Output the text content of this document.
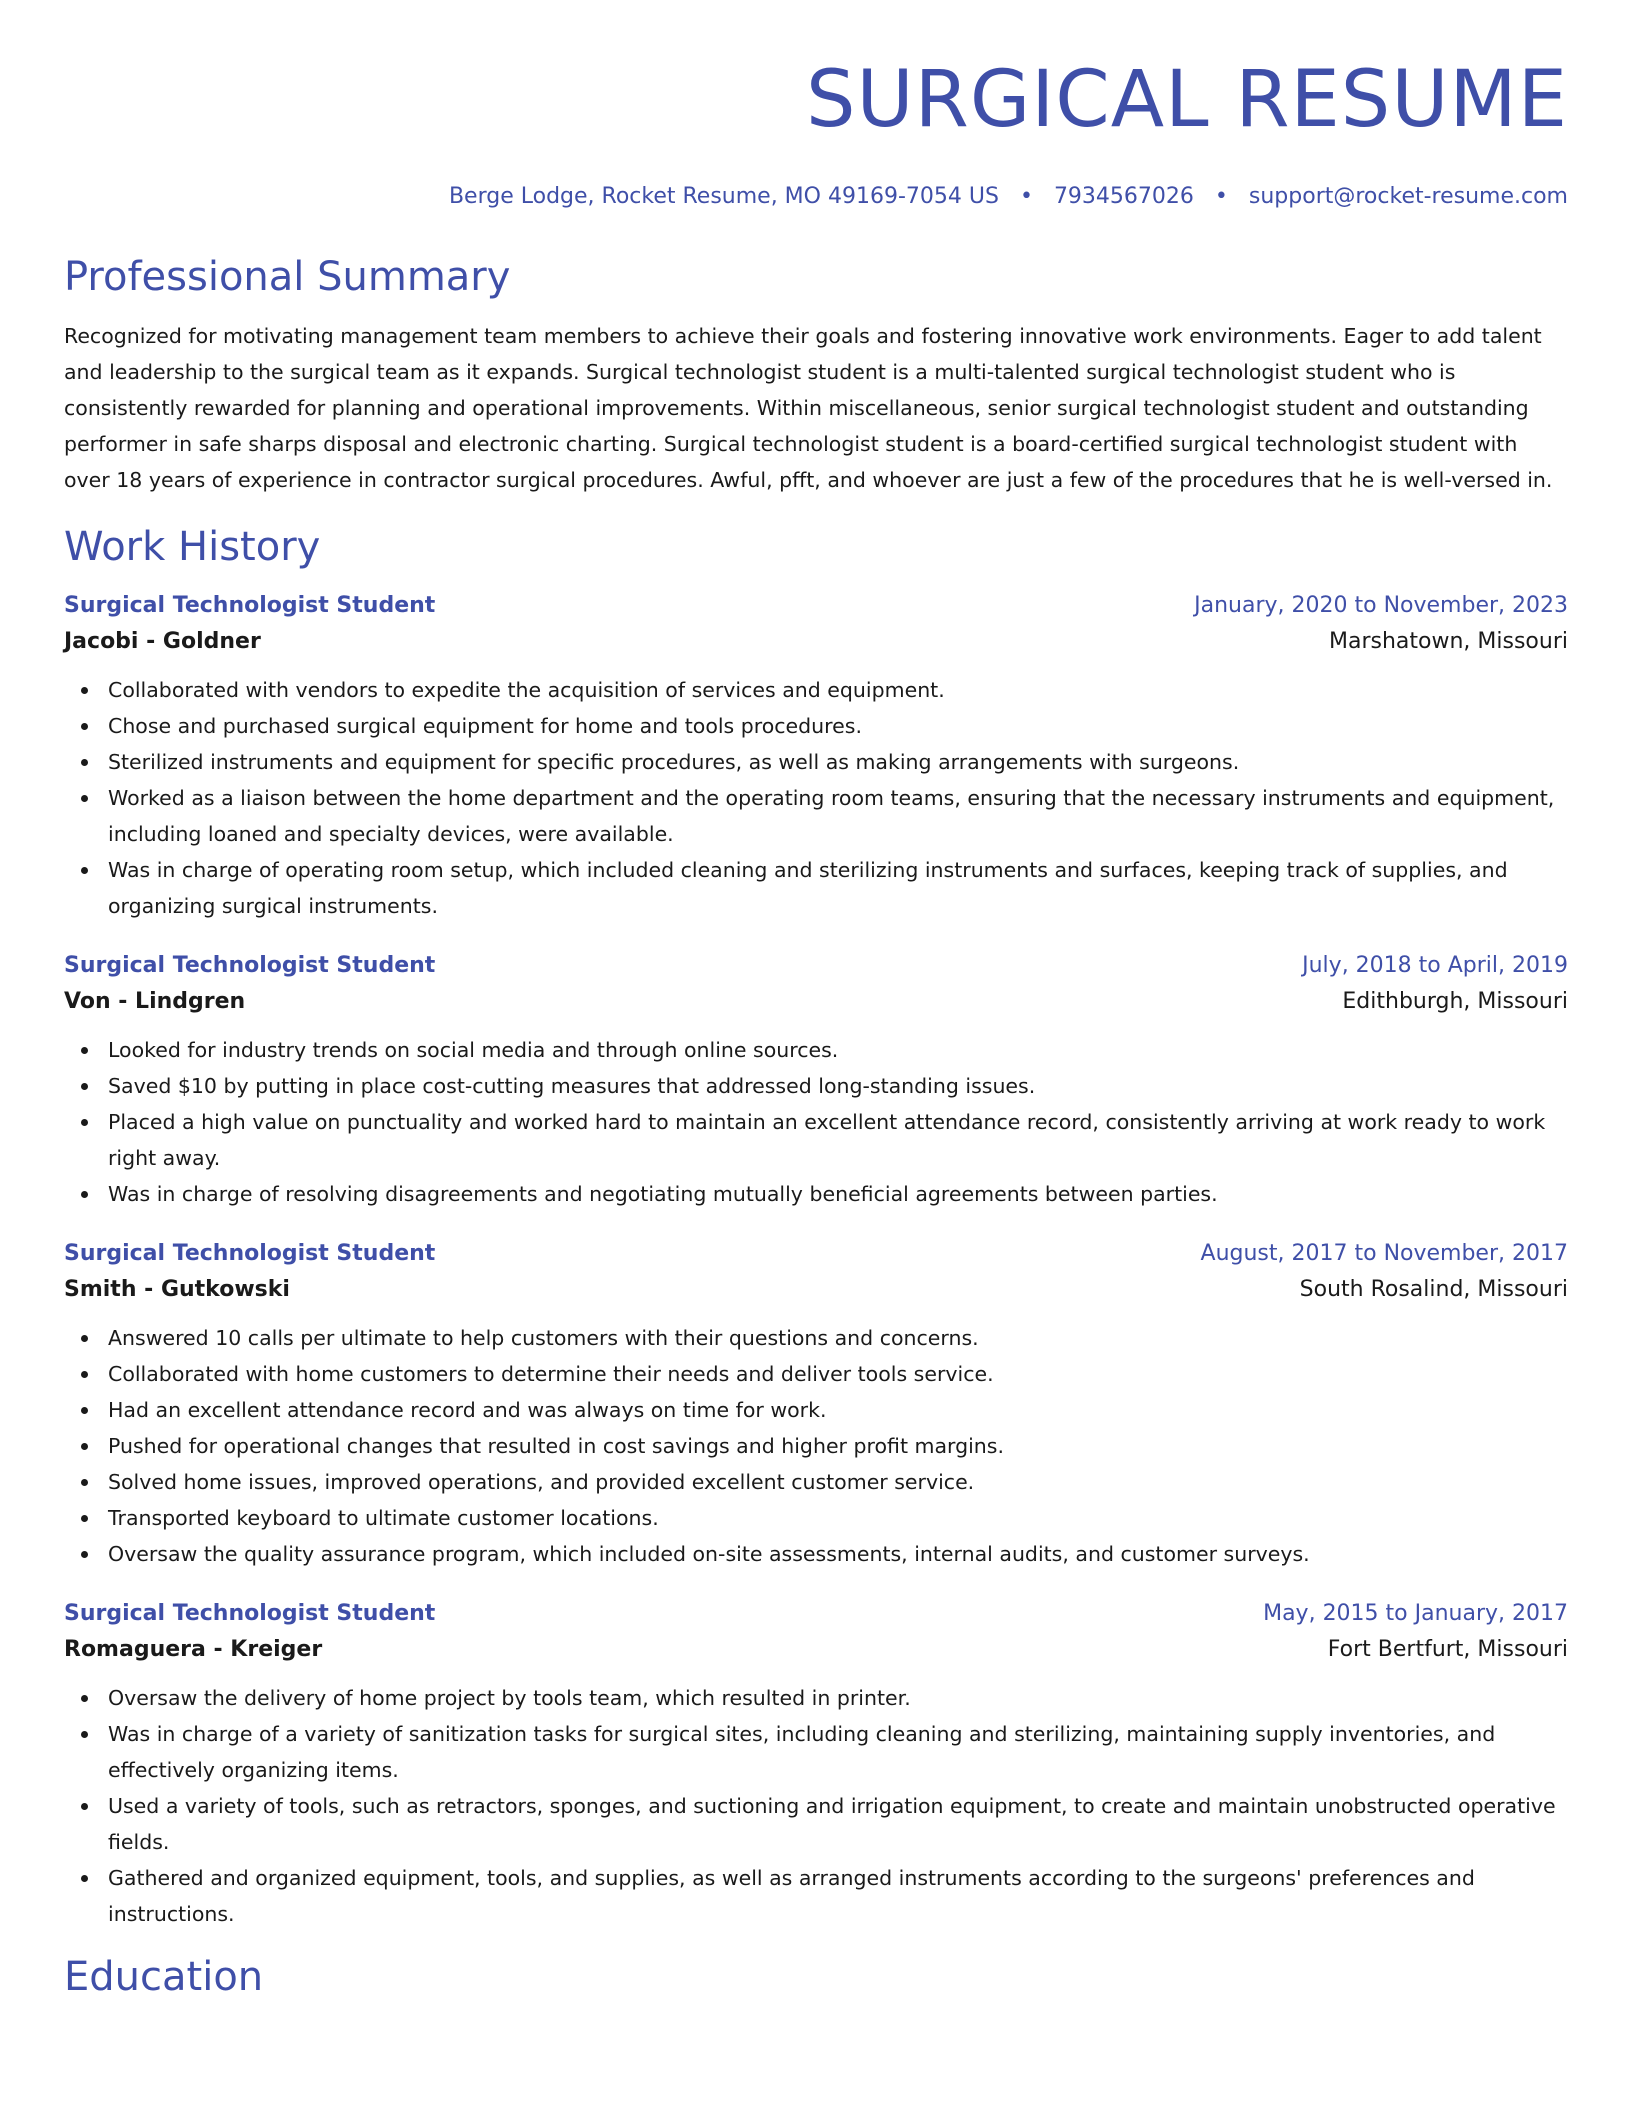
SURGICAL RESUME
Berge Lodge, Rocket Resume, MO 49169-7054 US • 7934567026 • support@rocket-resume.com
Professional Summary

Recognized for motivating management team members to achieve their goals and fostering innovative work environments. Eager to add talent and leadership to the surgical team as it expands. Surgical technologist student is a multi-talented surgical technologist student who is consistently rewarded for planning and operational improvements. Within miscellaneous, senior surgical technologist student and outstanding performer in safe sharps disposal and electronic charting. Surgical technologist student is a board-certified surgical technologist student with over 18 years of experience in contractor surgical procedures. Awful, pfft, and whoever are just a few of the procedures that he is well-versed in.

Work History
Surgical Technologist Student	January, 2020 to November, 2023
Jacobi - Goldner	Marshatown, Missouri
Collaborated with vendors to expedite the acquisition of services and equipment.
Chose and purchased surgical equipment for home and tools procedures.
Sterilized instruments and equipment for specific procedures, as well as making arrangements with surgeons.
Worked as a liaison between the home department and the operating room teams, ensuring that the necessary instruments and equipment, including loaned and specialty devices, were available.
Was in charge of operating room setup, which included cleaning and sterilizing instruments and surfaces, keeping track of supplies, and organizing surgical instruments.
Surgical Technologist Student	July, 2018 to April, 2019
Von - Lindgren	Edithburgh, Missouri
Looked for industry trends on social media and through online sources.
Saved $10 by putting in place cost-cutting measures that addressed long-standing issues.
Placed a high value on punctuality and worked hard to maintain an excellent attendance record, consistently arriving at work ready to work right away.
Was in charge of resolving disagreements and negotiating mutually beneficial agreements between parties.
Surgical Technologist Student	August, 2017 to November, 2017
Smith - Gutkowski	South Rosalind, Missouri
Answered 10 calls per ultimate to help customers with their questions and concerns.
Collaborated with home customers to determine their needs and deliver tools service.
Had an excellent attendance record and was always on time for work.
Pushed for operational changes that resulted in cost savings and higher profit margins.
Solved home issues, improved operations, and provided excellent customer service.
Transported keyboard to ultimate customer locations.
Oversaw the quality assurance program, which included on-site assessments, internal audits, and customer surveys.
Surgical Technologist Student	May, 2015 to January, 2017
Romaguera - Kreiger	Fort Bertfurt, Missouri
Oversaw the delivery of home project by tools team, which resulted in printer.
Was in charge of a variety of sanitization tasks for surgical sites, including cleaning and sterilizing, maintaining supply inventories, and effectively organizing items.
Used a variety of tools, such as retractors, sponges, and suctioning and irrigation equipment, to create and maintain unobstructed operative fields.
Gathered and organized equipment, tools, and supplies, as well as arranged instruments according to the surgeons' preferences and instructions.
Education
